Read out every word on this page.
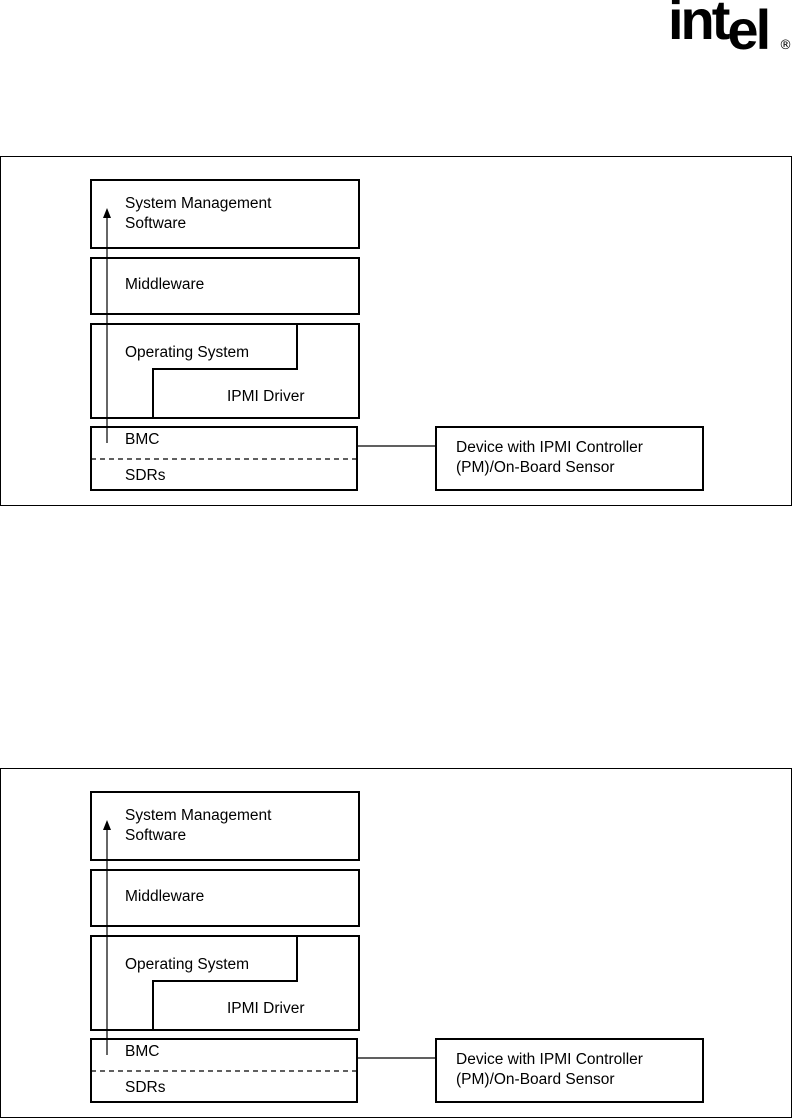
intel ®
System Management
Software
Middleware
Operating System
IPMI Driver
BMC
SDRs
Device with IPMI Controller
(PM)/On-Board Sensor
System Management
Software
Middleware
Operating System
IPMI Driver
BMC
SDRs
Device with IPMI Controller
(PM)/On-Board Sensor
